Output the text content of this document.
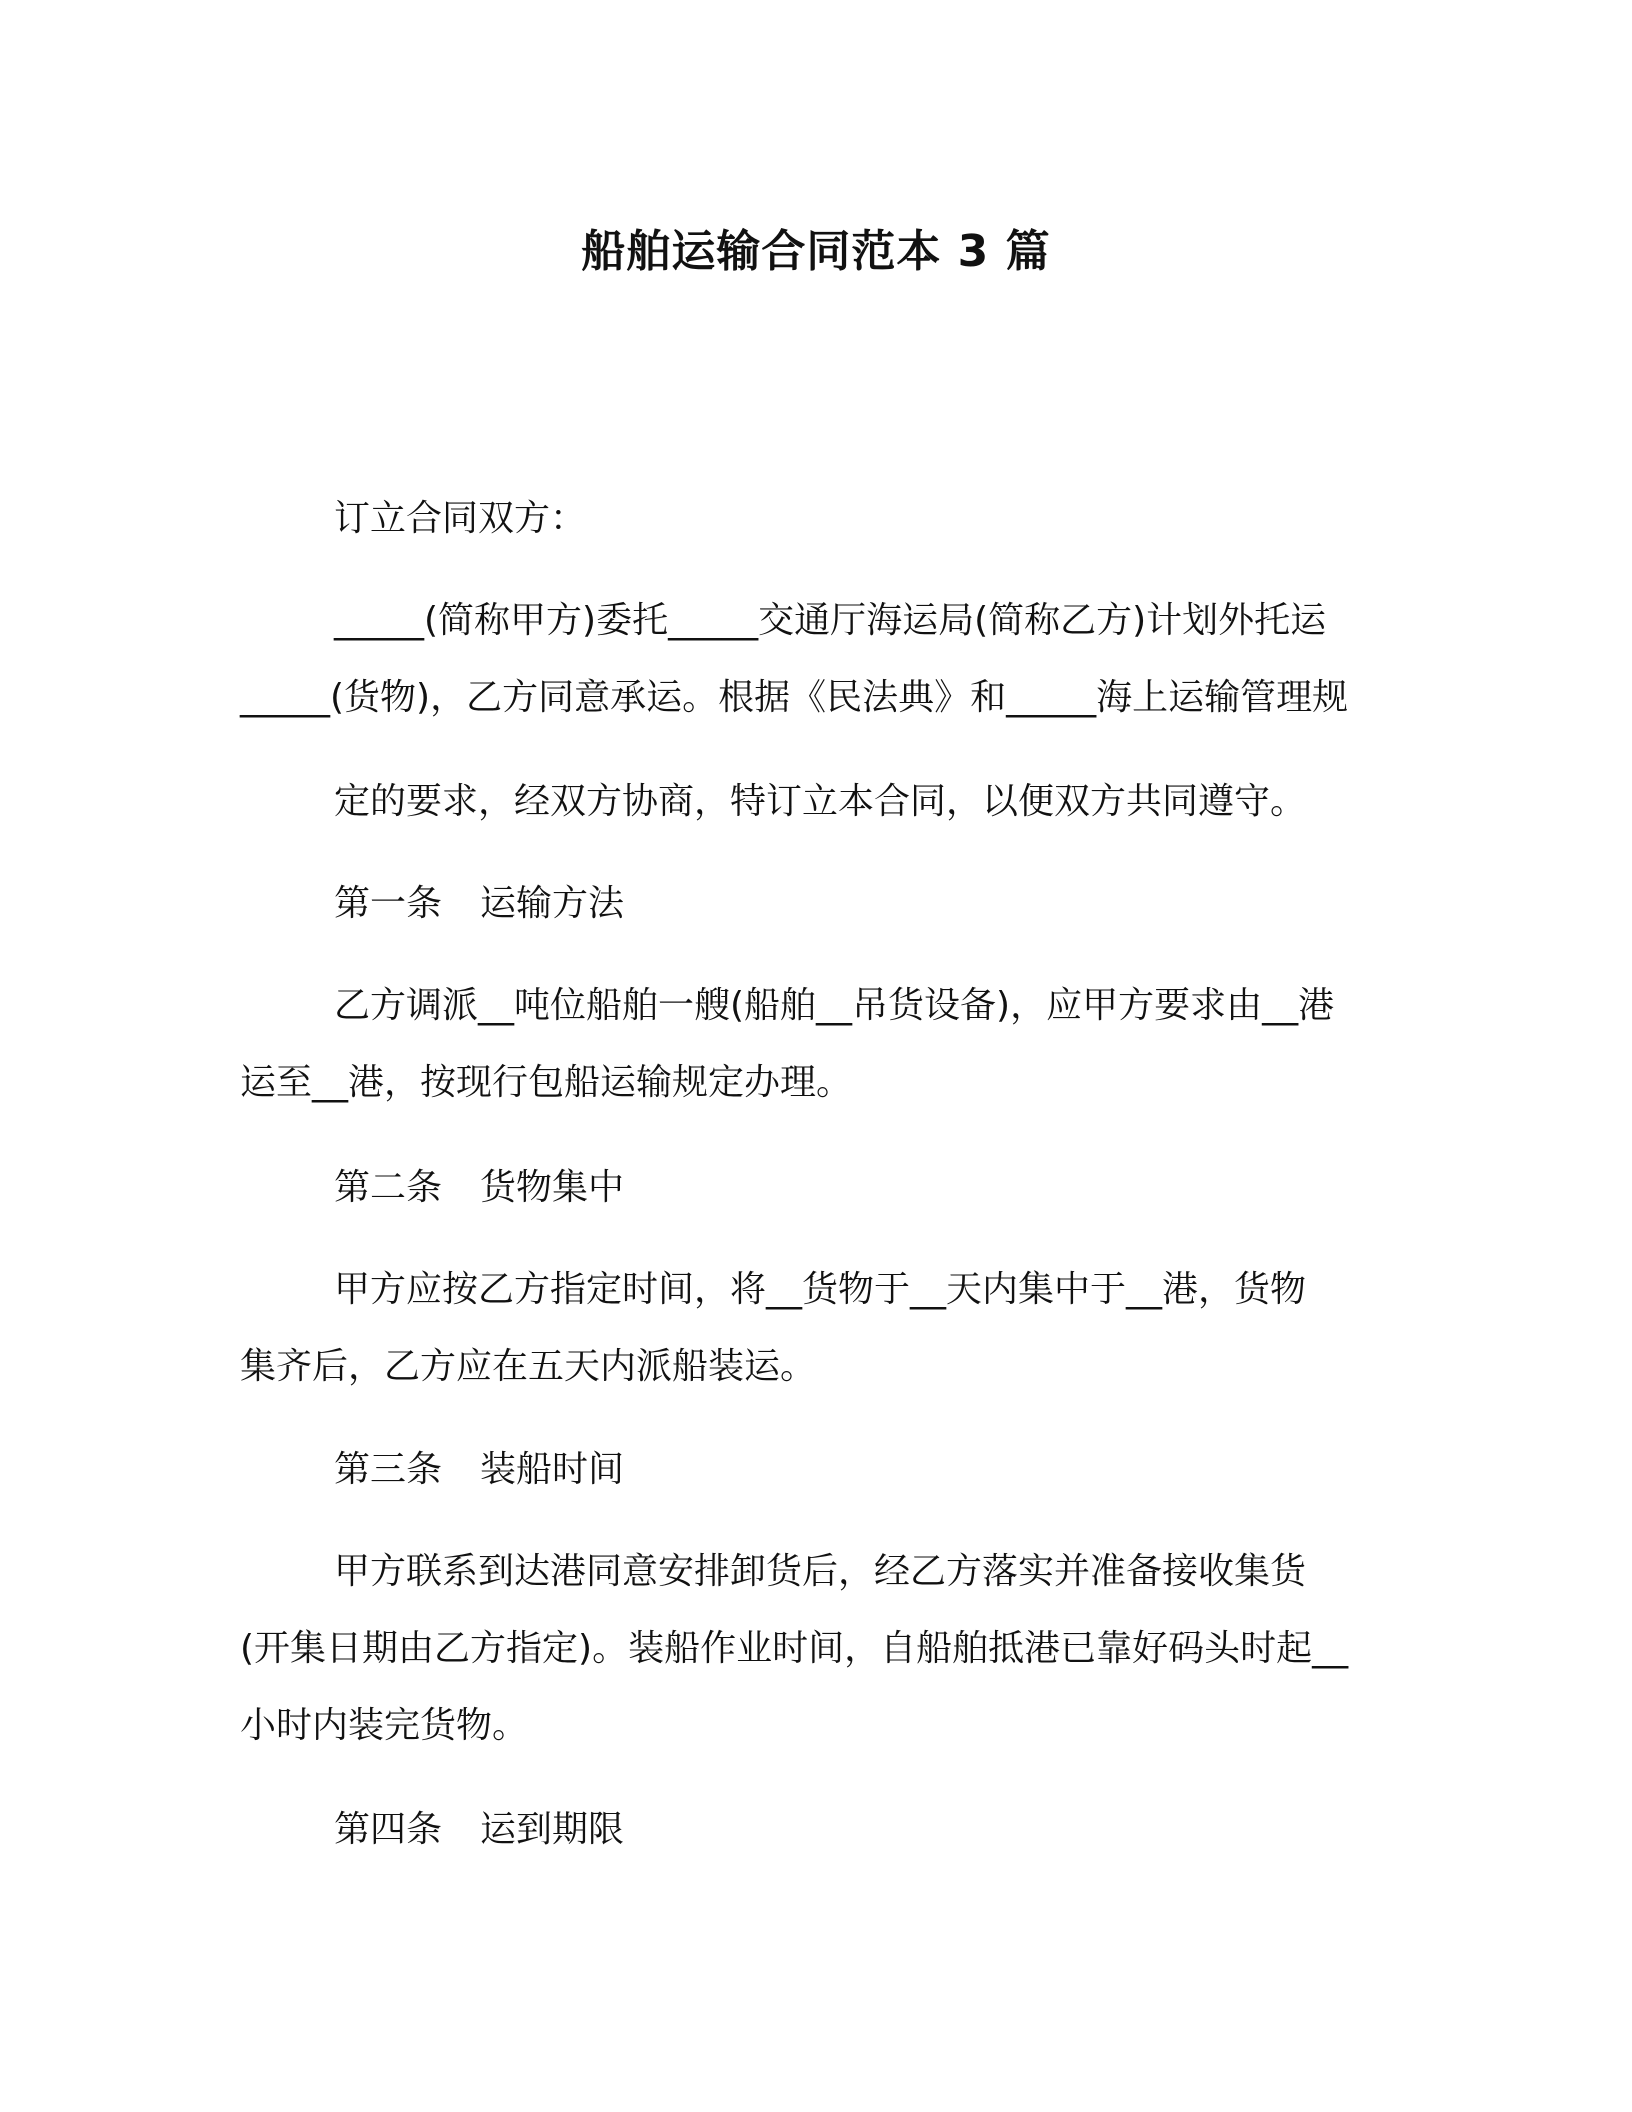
船舶运输合同范本 3 篇

订立合同双方：

_____(简称甲方)委托_____交通厅海运局(简称乙方)计划外托运

_____(货物)，乙方同意承运。根据《民法典》和_____海上运输管理规

定的要求，经双方协商，特订立本合同，以便双方共同遵守。

第一条 运输方法

乙方调派__吨位船舶一艘(船舶__吊货设备)，应甲方要求由__港

运至__港，按现行包船运输规定办理。

第二条 货物集中

甲方应按乙方指定时间，将__货物于__天内集中于__港，货物

集齐后，乙方应在五天内派船装运。

第三条 装船时间

甲方联系到达港同意安排卸货后，经乙方落实并准备接收集货

(开集日期由乙方指定)。装船作业时间，自船舶抵港已靠好码头时起__

小时内装完货物。

第四条 运到期限
